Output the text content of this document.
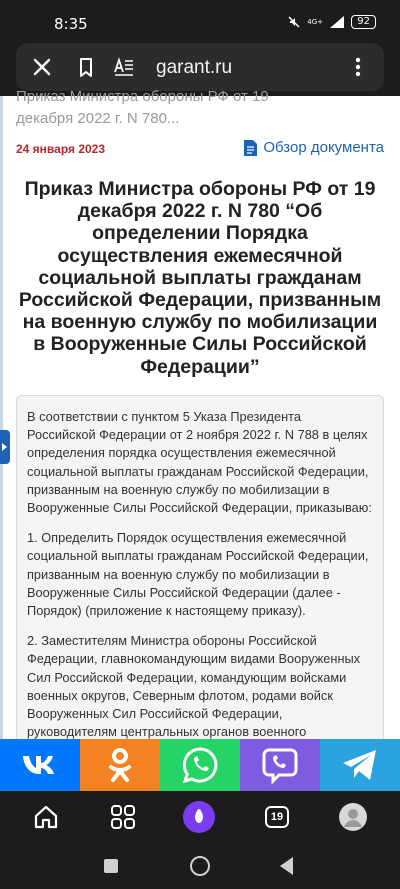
8:35	4G+	92
garant.ru
Приказ Министра обороны РФ от 19
декабря 2022 г. N 780...
24 января 2023	Обзор документа
Приказ Министра обороны РФ от 19 декабря 2022 г. N 780 “Об определении Порядка осуществления ежемесячной социальной выплаты гражданам Российской Федерации, призванным на военную службу по мобилизации в Вооруженные Силы Российской Федерации”

В соответствии с пунктом 5 Указа Президента Российской Федерации от 2 ноября 2022 г. N 788 в целях определения порядка осуществления ежемесячной социальной выплаты гражданам Российской Федерации, призванным на военную службу по мобилизации в Вооруженные Силы Российской Федерации, приказываю:

1. Определить Порядок осуществления ежемесячной социальной выплаты гражданам Российской Федерации, призванным на военную службу по мобилизации в Вооруженные Силы Российской Федерации (далее - Порядок) (приложение к настоящему приказу).

2. Заместителям Министра обороны Российской Федерации, главнокомандующим видами Вооруженных Сил Российской Федерации, командующим войсками военных округов, Северным флотом, родами войск Вооруженных Сил Российской Федерации, руководителям центральных органов военного

19
